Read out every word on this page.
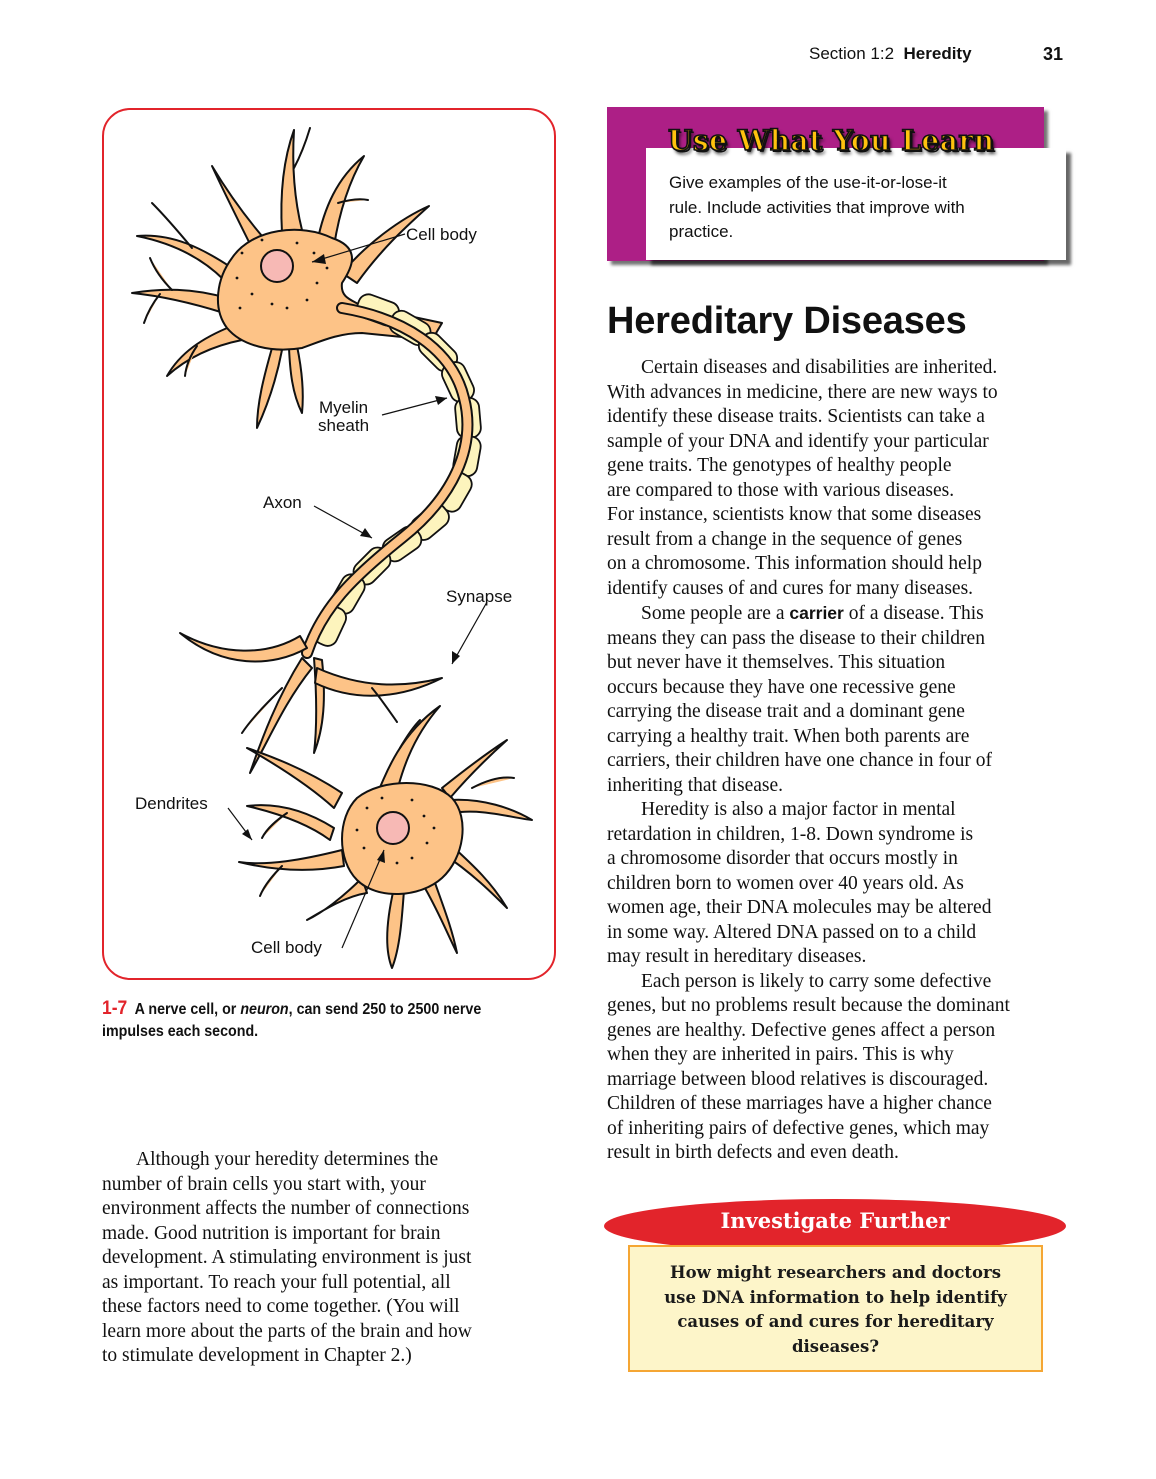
Section 1:2 Heredity	31
Cell body
Myelin
sheath
Axon
Synapse
Dendrites
Cell body
1-7 A nerve cell, or neuron, can send 250 to 2500 nerve
impulses each second.
Although your heredity determines the
number of brain cells you start with, your
environment affects the number of connections
made. Good nutrition is important for brain
development. A stimulating environment is just
as important. To reach your full potential, all
these factors need to come together. (You will
learn more about the parts of the brain and how
to stimulate development in Chapter 2.)
Use What You Learn
Give examples of the use-it-or-lose-it
rule. Include activities that improve with
practice.
Hereditary Diseases
Certain diseases and disabilities are inherited.
With advances in medicine, there are new ways to
identify these disease traits. Scientists can take a
sample of your DNA and identify your particular
gene traits. The genotypes of healthy people
are compared to those with various diseases.
For instance, scientists know that some diseases
result from a change in the sequence of genes
on a chromosome. This information should help
identify causes of and cures for many diseases.
Some people are a carrier of a disease. This
means they can pass the disease to their children
but never have it themselves. This situation
occurs because they have one recessive gene
carrying the disease trait and a dominant gene
carrying a healthy trait. When both parents are
carriers, their children have one chance in four of
inheriting that disease.
Heredity is also a major factor in mental
retardation in children, 1-8. Down syndrome is
a chromosome disorder that occurs mostly in
children born to women over 40 years old. As
women age, their DNA molecules may be altered
in some way. Altered DNA passed on to a child
may result in hereditary diseases.
Each person is likely to carry some defective
genes, but no problems result because the dominant
genes are healthy. Defective genes affect a person
when they are inherited in pairs. This is why
marriage between blood relatives is discouraged.
Children of these marriages have a higher chance
of inheriting pairs of defective genes, which may
result in birth defects and even death.
Investigate Further
How might researchers and doctors
use DNA information to help identify
causes of and cures for hereditary
diseases?
